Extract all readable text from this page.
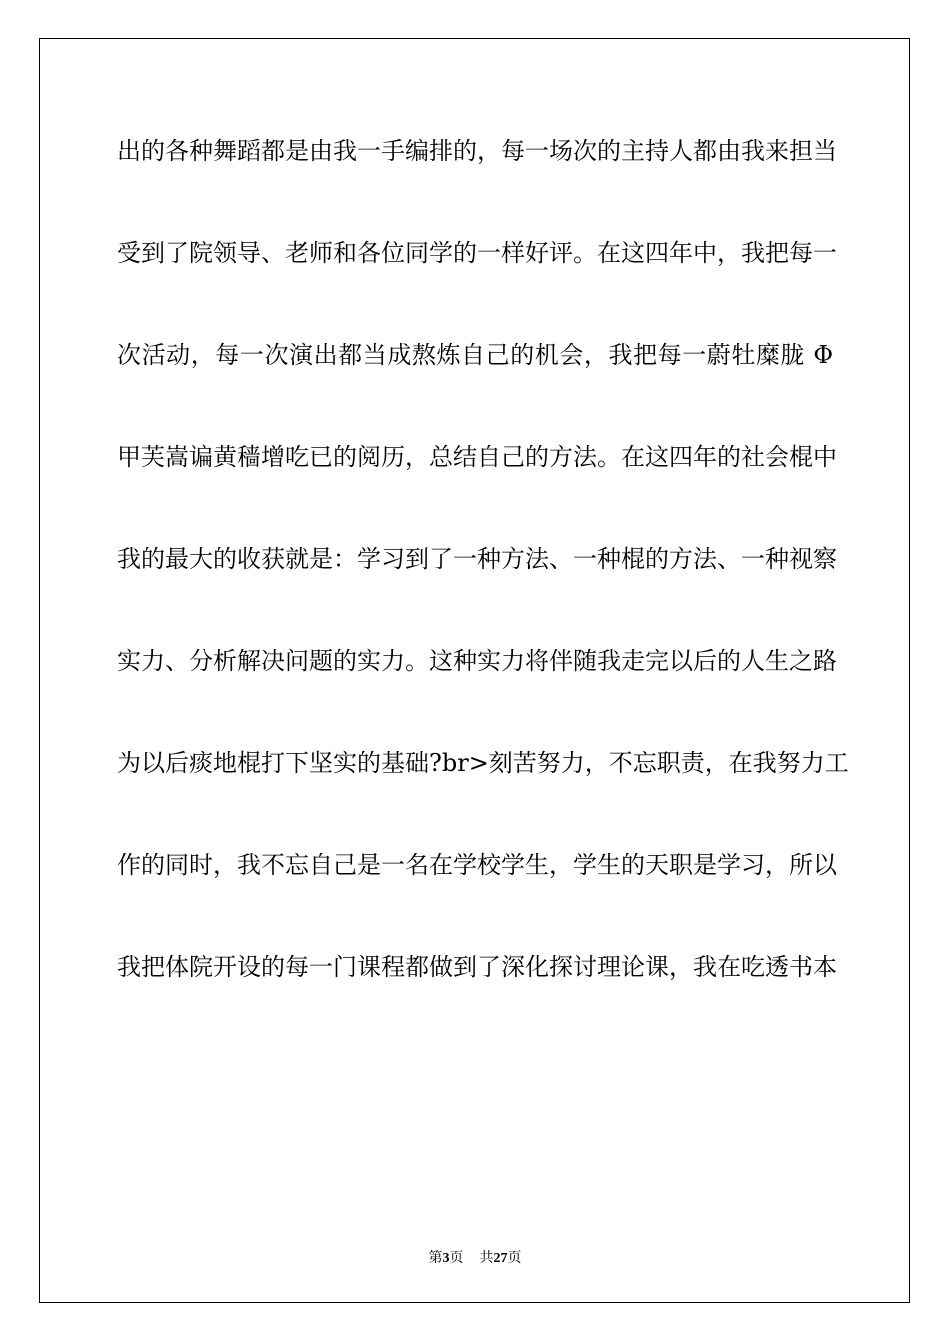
出的各种舞蹈都是由我一手编排的，每一场次的主持人都由我来担当
受到了院领导、老师和各位同学的一样好评。在这四年中，我把每一
次活动，每一次演出都当成熬炼自己的机会，我把每一蔚牡糜胧 Φ
甲芙嵩谝黄穑增吃已的阅历，总结自己的方法。在这四年的社会棍中
我的最大的收获就是：学习到了一种方法、一种棍的方法、一种视察
实力、分析解决问题的实力。这种实力将伴随我走完以后的人生之路
为以后痰地棍打下坚实的基础?br>刻苦努力，不忘职责，在我努力工
作的同时，我不忘自己是一名在学校学生，学生的天职是学习，所以
我把体院开设的每一门课程都做到了深化探讨理论课，我在吃透书本
第3页 共27页
